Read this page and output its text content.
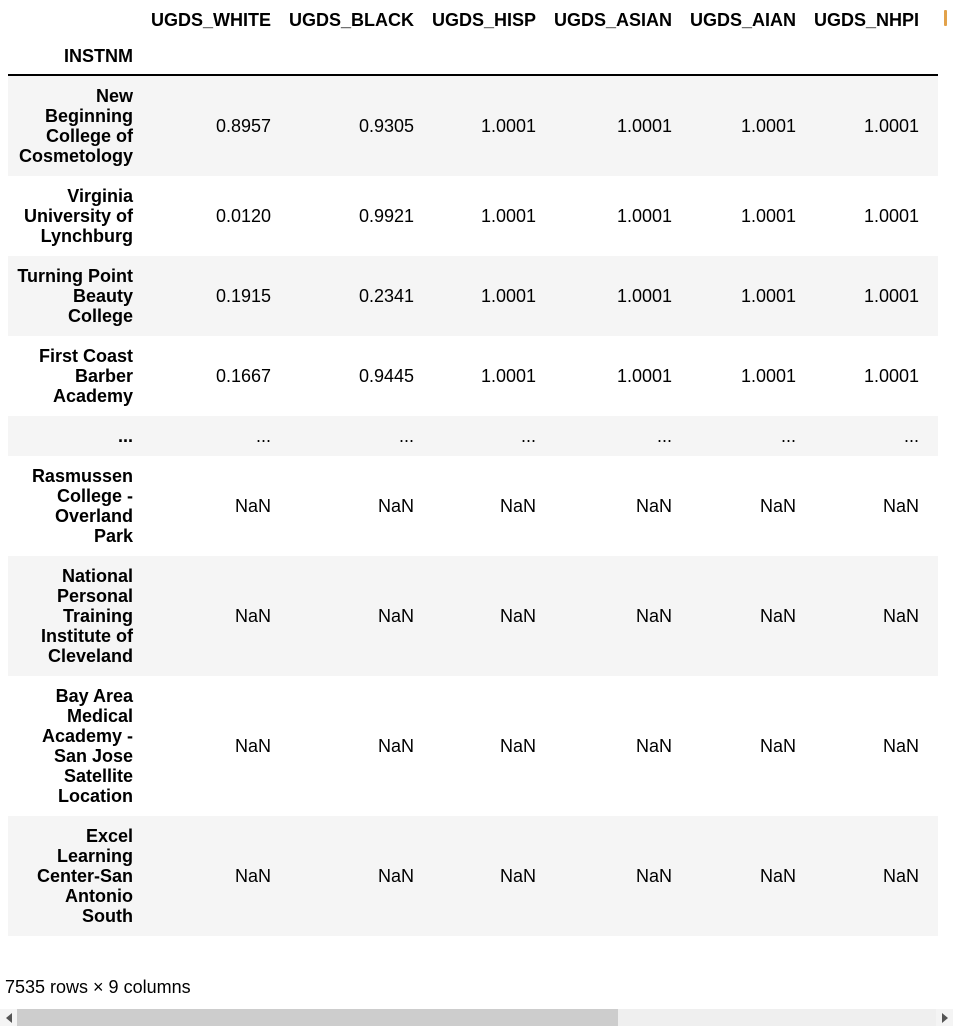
	UGDS_WHITE	UGDS_BLACK	UGDS_HISP	UGDS_ASIAN	UGDS_AIAN	UGDS_NHPI
INSTNM						
New Beginning College of Cosmetology	0.8957	0.9305	1.0001	1.0001	1.0001	1.0001
Virginia University of Lynchburg	0.0120	0.9921	1.0001	1.0001	1.0001	1.0001
Turning Point Beauty College	0.1915	0.2341	1.0001	1.0001	1.0001	1.0001
First Coast Barber Academy	0.1667	0.9445	1.0001	1.0001	1.0001	1.0001
...	...	...	...	...	...	...
Rasmussen College - Overland Park	NaN	NaN	NaN	NaN	NaN	NaN
National Personal Training Institute of Cleveland	NaN	NaN	NaN	NaN	NaN	NaN
Bay Area Medical Academy - San Jose Satellite Location	NaN	NaN	NaN	NaN	NaN	NaN
Excel Learning Center-San Antonio South	NaN	NaN	NaN	NaN	NaN	NaN

7535 rows × 9 columns
